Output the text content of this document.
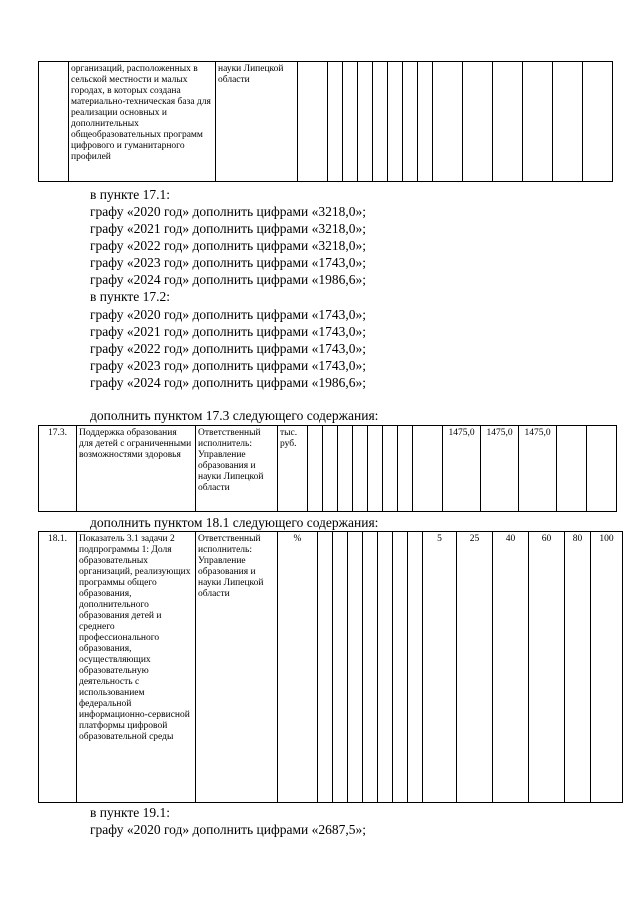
	организаций, расположенных в сельской местности и малых городах, в которых создана материально-техническая база для реализации основных и дополнительных общеобразовательных программ цифрового и гуманитарного профилей	науки Липецкой области														
в пункте 17.1:
графу «2020 год» дополнить цифрами «3218,0»;
графу «2021 год» дополнить цифрами «3218,0»;
графу «2022 год» дополнить цифрами «3218,0»;
графу «2023 год» дополнить цифрами «1743,0»;
графу «2024 год» дополнить цифрами «1986,6»;
в пункте 17.2:
графу «2020 год» дополнить цифрами «1743,0»;
графу «2021 год» дополнить цифрами «1743,0»;
графу «2022 год» дополнить цифрами «1743,0»;
графу «2023 год» дополнить цифрами «1743,0»;
графу «2024 год» дополнить цифрами «1986,6»;
дополнить пунктом 17.3 следующего содержания:
17.3.	Поддержка образования для детей с ограниченными возможностями здоровья	Ответственный исполнитель: Управление образования и науки Липецкой области	тыс. руб.									1475,0	1475,0	1475,0		
дополнить пунктом 18.1 следующего содержания:
18.1.	Показатель 3.1 задачи 2 подпрограммы 1: Доля образовательных организаций, реализующих программы общего образования, дополнительного образования детей и среднего профессионального образования, осуществляющих образовательную деятельность с использованием федеральной информационно-сервисной платформы цифровой образовательной среды	Ответственный исполнитель: Управление образования и науки Липецкой области	%								5	25	40	60	80	100
в пункте 19.1:
графу «2020 год» дополнить цифрами «2687,5»;
